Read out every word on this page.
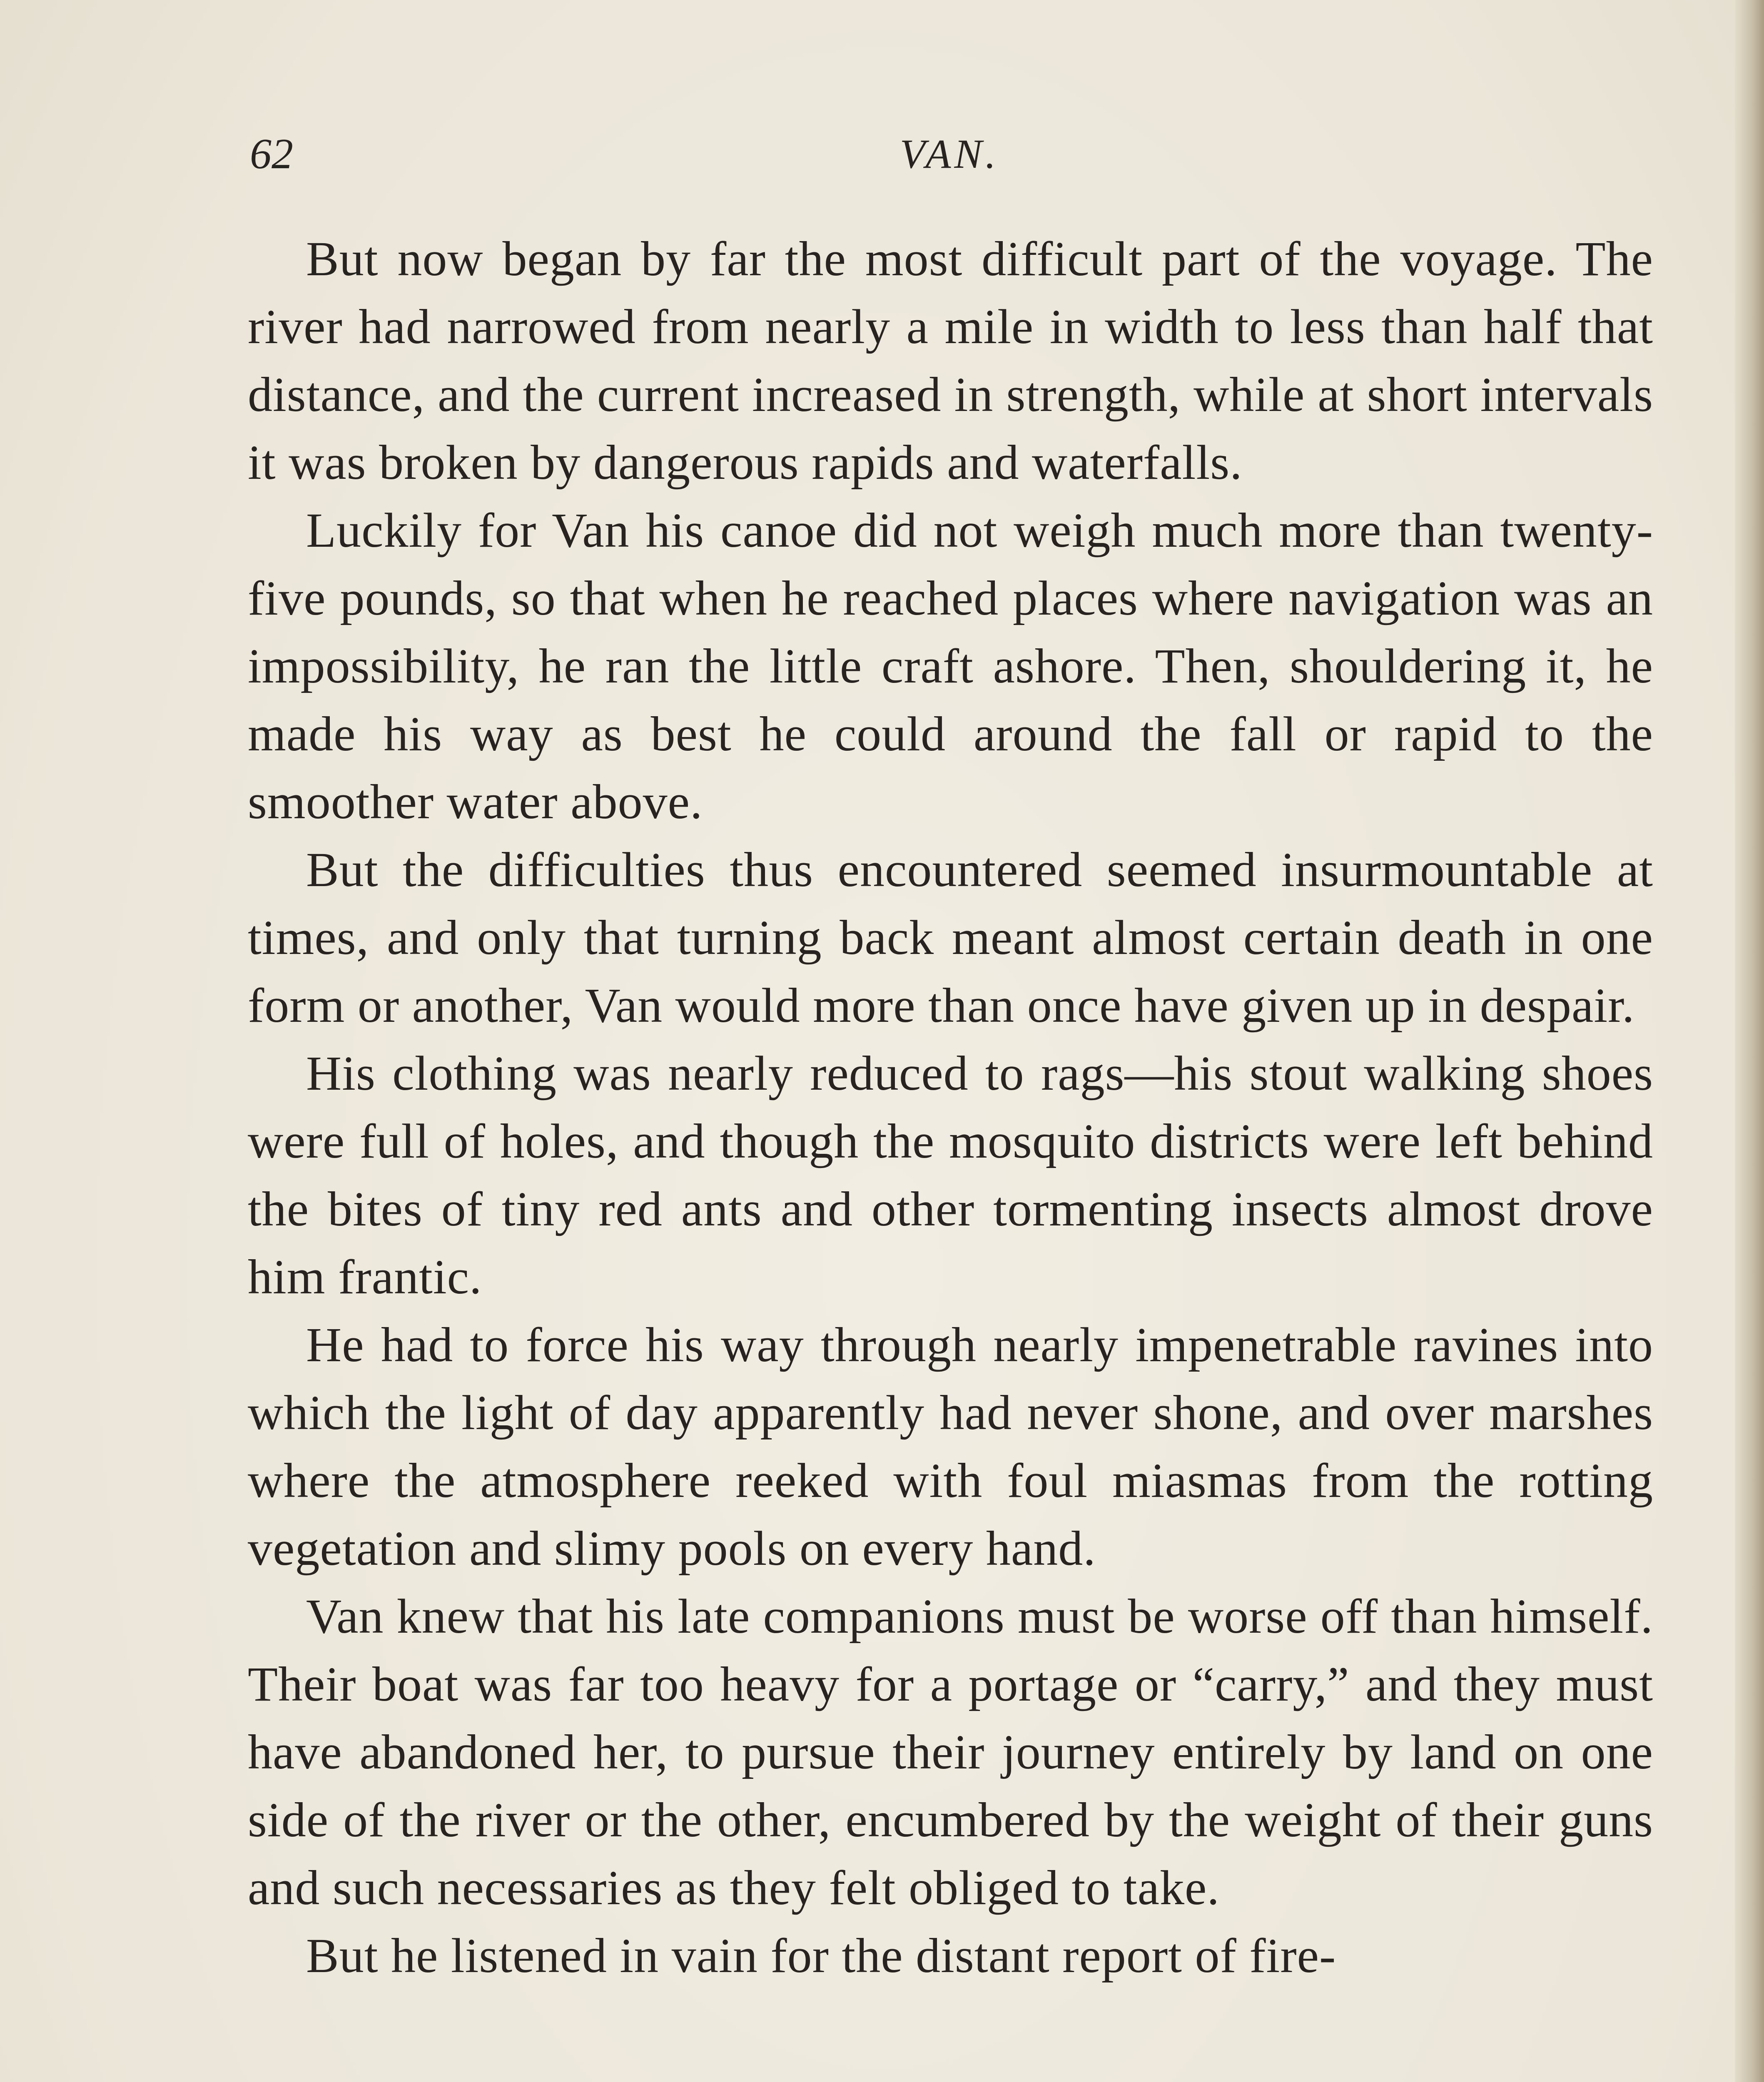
62	VAN.

But now began by far the most difficult part of the voyage. The river had narrowed from nearly a mile in width to less than half that distance, and the current increased in strength, while at short intervals it was broken by dangerous rapids and waterfalls.

Luckily for Van his canoe did not weigh much more than twenty-five pounds, so that when he reached places where navigation was an impossibility, he ran the little craft ashore. Then, shouldering it, he made his way as best he could around the fall or rapid to the smoother water above.

But the difficulties thus encountered seemed insurmountable at times, and only that turning back meant almost certain death in one form or another, Van would more than once have given up in despair.

His clothing was nearly reduced to rags—his stout walking shoes were full of holes, and though the mosquito districts were left behind the bites of tiny red ants and other tormenting insects almost drove him frantic.

He had to force his way through nearly impenetrable ravines into which the light of day apparently had never shone, and over marshes where the atmosphere reeked with foul miasmas from the rotting vegetation and slimy pools on every hand.

Van knew that his late companions must be worse off than himself. Their boat was far too heavy for a portage or “carry,” and they must have abandoned her, to pursue their journey entirely by land on one side of the river or the other, encumbered by the weight of their guns and such necessaries as they felt obliged to take.

But he listened in vain for the distant report of fire-
